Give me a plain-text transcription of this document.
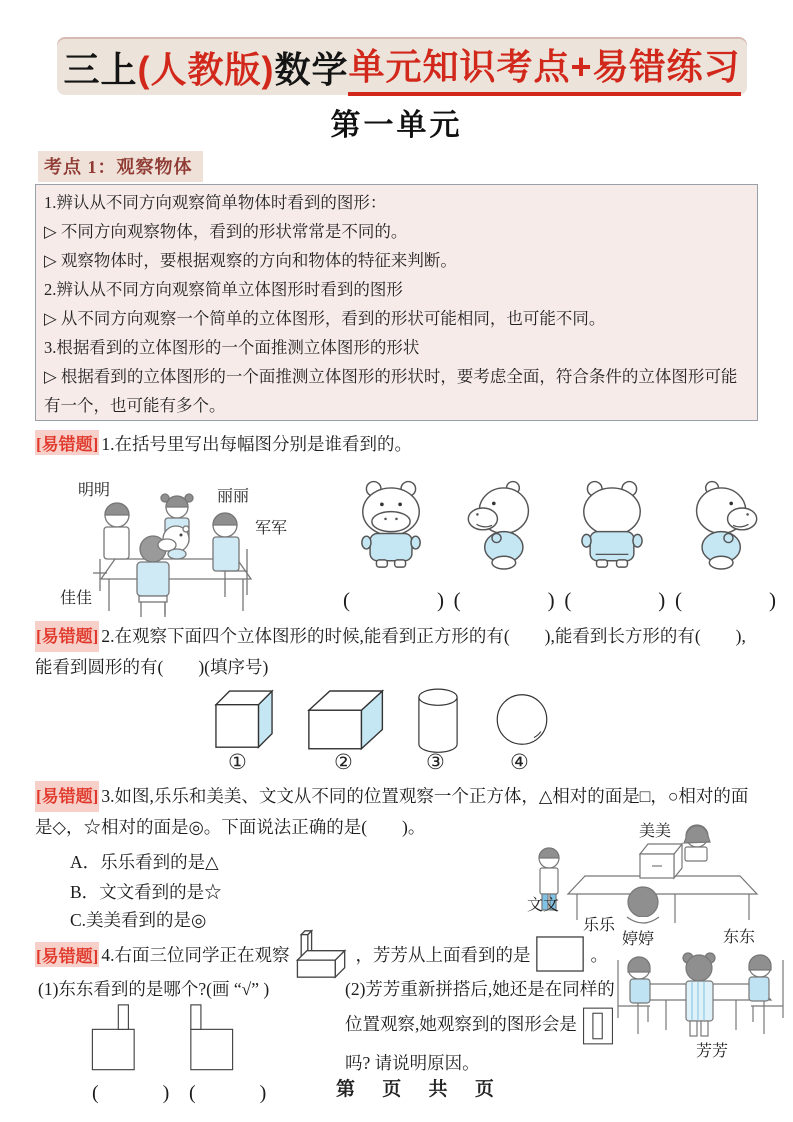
三上 (人教版) 数学 单元知识考点+易错练习
第一单元
考点 1：观察物体

1.辨认从不同方向观察简单物体时看到的图形：

▷ 不同方向观察物体，看到的形状常常是不同的。

▷ 观察物体时，要根据观察的方向和物体的特征来判断。

2.辨认从不同方向观察简单立体图形时看到的图形

▷ 从不同方向观察一个简单的立体图形，看到的形状可能相同，也可能不同。

3.根据看到的立体图形的一个面推测立体图形的形状

▷ 根据看到的立体图形的一个面推测立体图形的形状时，要考虑全面，符合条件的立体图形可能有一个，也可能有多个。

[易错题] 1.在括号里写出每幅图分别是谁看到的。
明明	丽丽
军军
佳佳	(　　　) (　　　) (　　　) (　　　)
[易错题] 2.在观察下面四个立体图形的时候,能看到正方形的有(　　),能看到长方形的有(　　),能看到圆形的有(　　)(填序号)
①	②	③	④
[易错题] 3.如图,乐乐和美美、文文从不同的位置观察一个正方体，△相对的面是□，○相对的面是◇，☆相对的面是◎。下面说法正确的是(　　)。
A．乐乐看到的是△
B．文文看到的是☆
C.美美看到的是◎
美美
文文
乐乐
[易错题] 4.右面三位同学正在观察	，芳芳从上面看到的是	。
(1)东东看到的是哪个?(画 “√” )
(　　) (　　)
(2)芳芳重新拼搭后,她还是在同样的位置观察,她观察到的图形会是吗? 请说明原因。
婷婷	东东
芳芳
第 页 共 页
